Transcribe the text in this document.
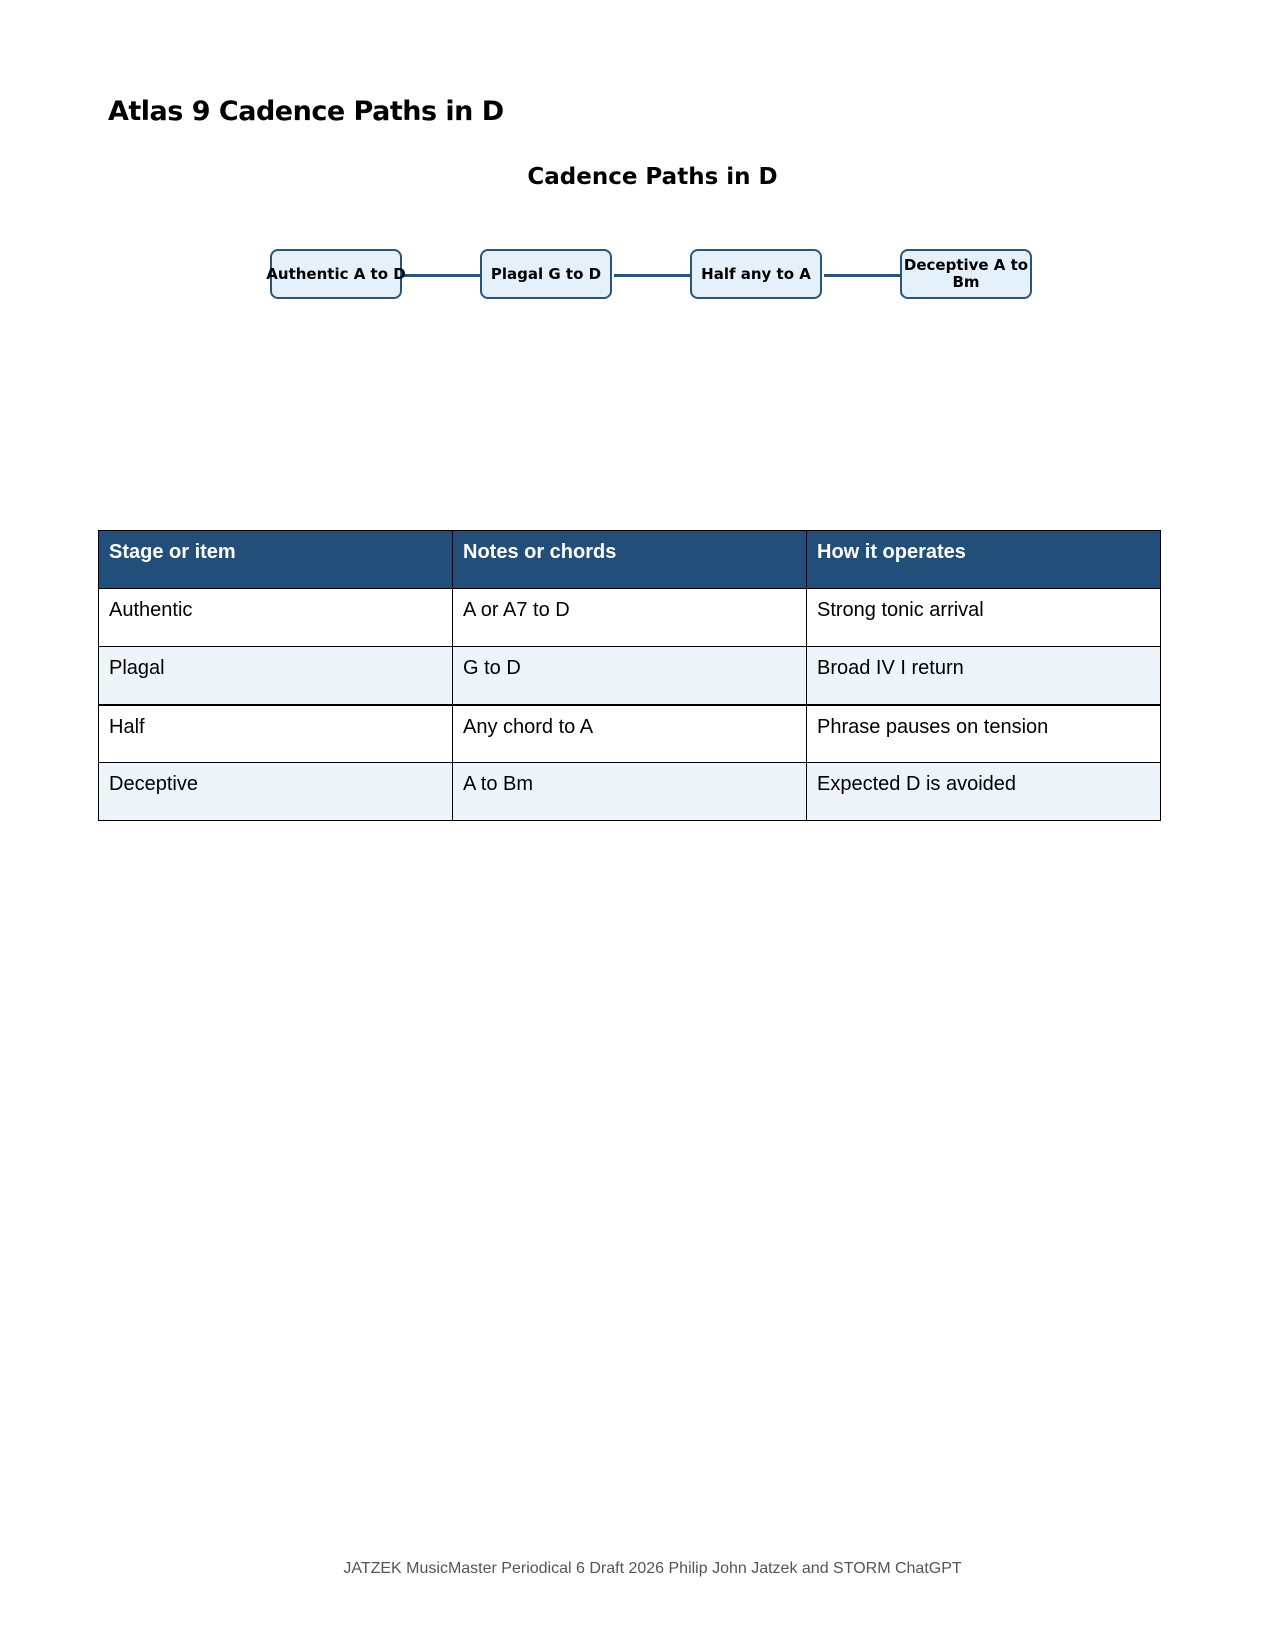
Atlas 9 Cadence Paths in D
Cadence Paths in D
Authentic A to D	Plagal G to D	Half any to A	Deceptive A to Bm
Stage or item	Notes or chords	How it operates
Authentic	A or A7 to D	Strong tonic arrival
Plagal	G to D	Broad IV I return
Half	Any chord to A	Phrase pauses on tension
Deceptive	A to Bm	Expected D is avoided
JATZEK MusicMaster Periodical 6 Draft 2026 Philip John Jatzek and STORM ChatGPT
